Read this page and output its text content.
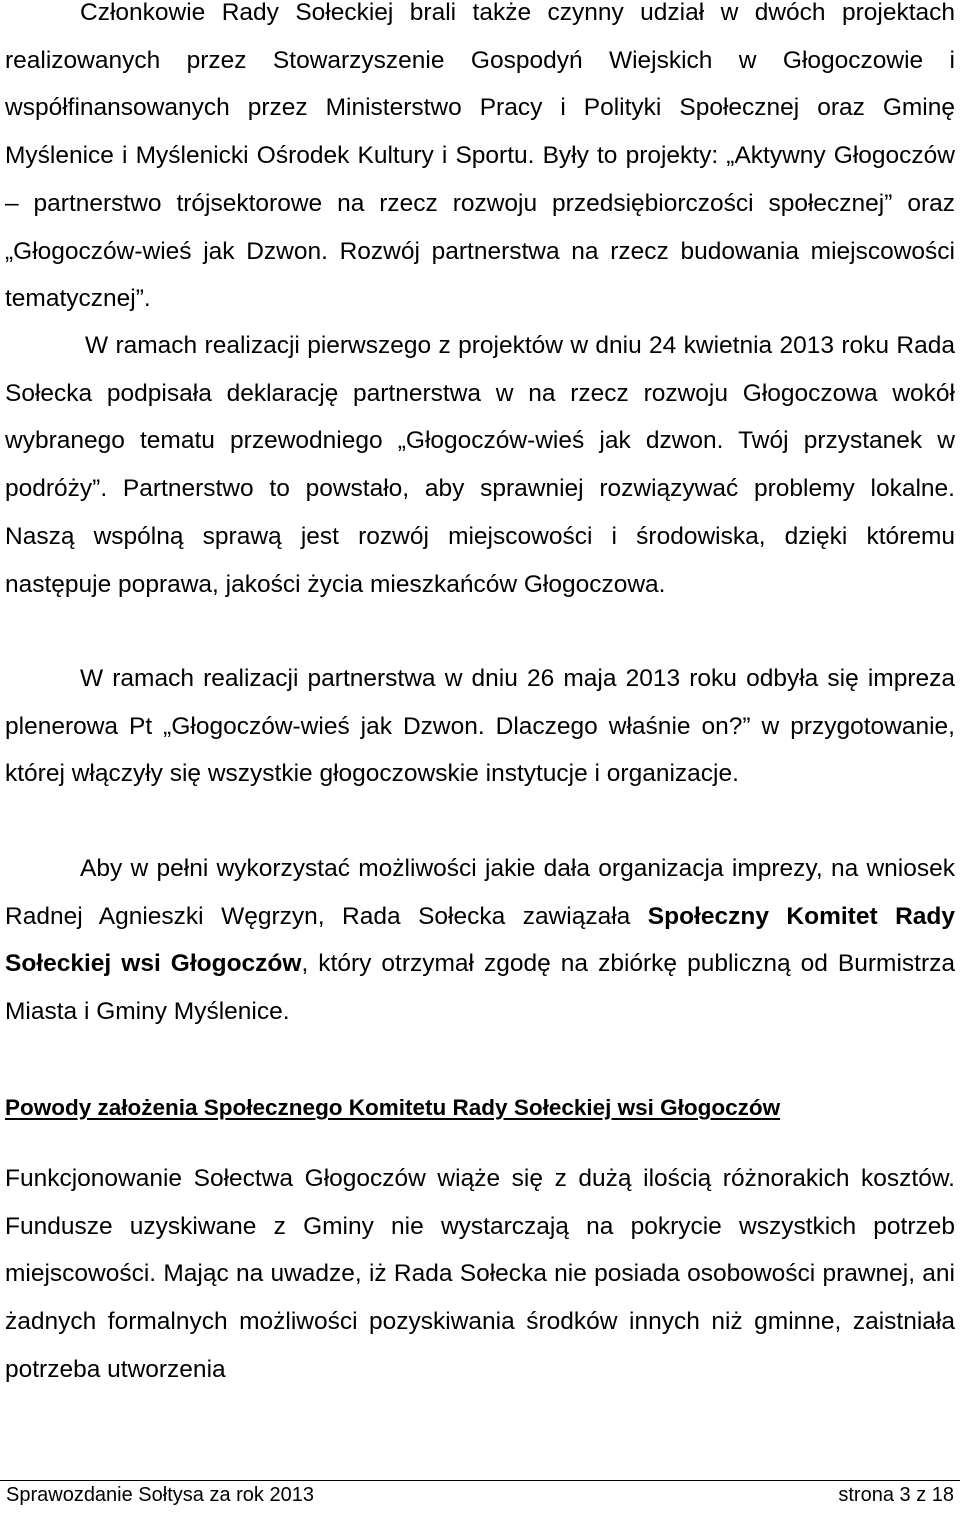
Członkowie Rady Sołeckiej brali także czynny udział w dwóch projektach realizowanych przez Stowarzyszenie Gospodyń Wiejskich w Głogoczowie i współfinansowanych przez Ministerstwo Pracy i Polityki Społecznej oraz Gminę Myślenice i Myślenicki Ośrodek Kultury i Sportu. Były to projekty: „Aktywny Głogoczów – partnerstwo trójsektorowe na rzecz rozwoju przedsiębiorczości społecznej” oraz „Głogoczów-wieś jak Dzwon. Rozwój partnerstwa na rzecz budowania miejscowości tematycznej”.

W ramach realizacji pierwszego z projektów w dniu 24 kwietnia 2013 roku Rada Sołecka podpisała deklarację partnerstwa w na rzecz rozwoju Głogoczowa wokół wybranego tematu przewodniego „Głogoczów-wieś jak dzwon. Twój przystanek w podróży”. Partnerstwo to powstało, aby sprawniej rozwiązywać problemy lokalne. Naszą wspólną sprawą jest rozwój miejscowości i środowiska, dzięki któremu następuje poprawa, jakości życia mieszkańców Głogoczowa.

W ramach realizacji partnerstwa w dniu 26 maja 2013 roku odbyła się impreza plenerowa Pt „Głogoczów-wieś jak Dzwon. Dlaczego właśnie on?” w przygotowanie, której włączyły się wszystkie głogoczowskie instytucje i organizacje.

Aby w pełni wykorzystać możliwości jakie dała organizacja imprezy, na wniosek Radnej Agnieszki Węgrzyn, Rada Sołecka zawiązała Społeczny Komitet Rady Sołeckiej wsi Głogoczów, który otrzymał zgodę na zbiórkę publiczną od Burmistrza Miasta i Gminy Myślenice.

Powody założenia Społecznego Komitetu Rady Sołeckiej wsi Głogoczów

Funkcjonowanie Sołectwa Głogoczów wiąże się z dużą ilością różnorakich kosztów. Fundusze uzyskiwane z Gminy nie wystarczają na pokrycie wszystkich potrzeb miejscowości. Mając na uwadze, iż Rada Sołecka nie posiada osobowości prawnej, ani żadnych formalnych możliwości pozyskiwania środków innych niż gminne, zaistniała potrzeba utworzenia

Sprawozdanie Sołtysa za rok 2013	strona 3 z 18
